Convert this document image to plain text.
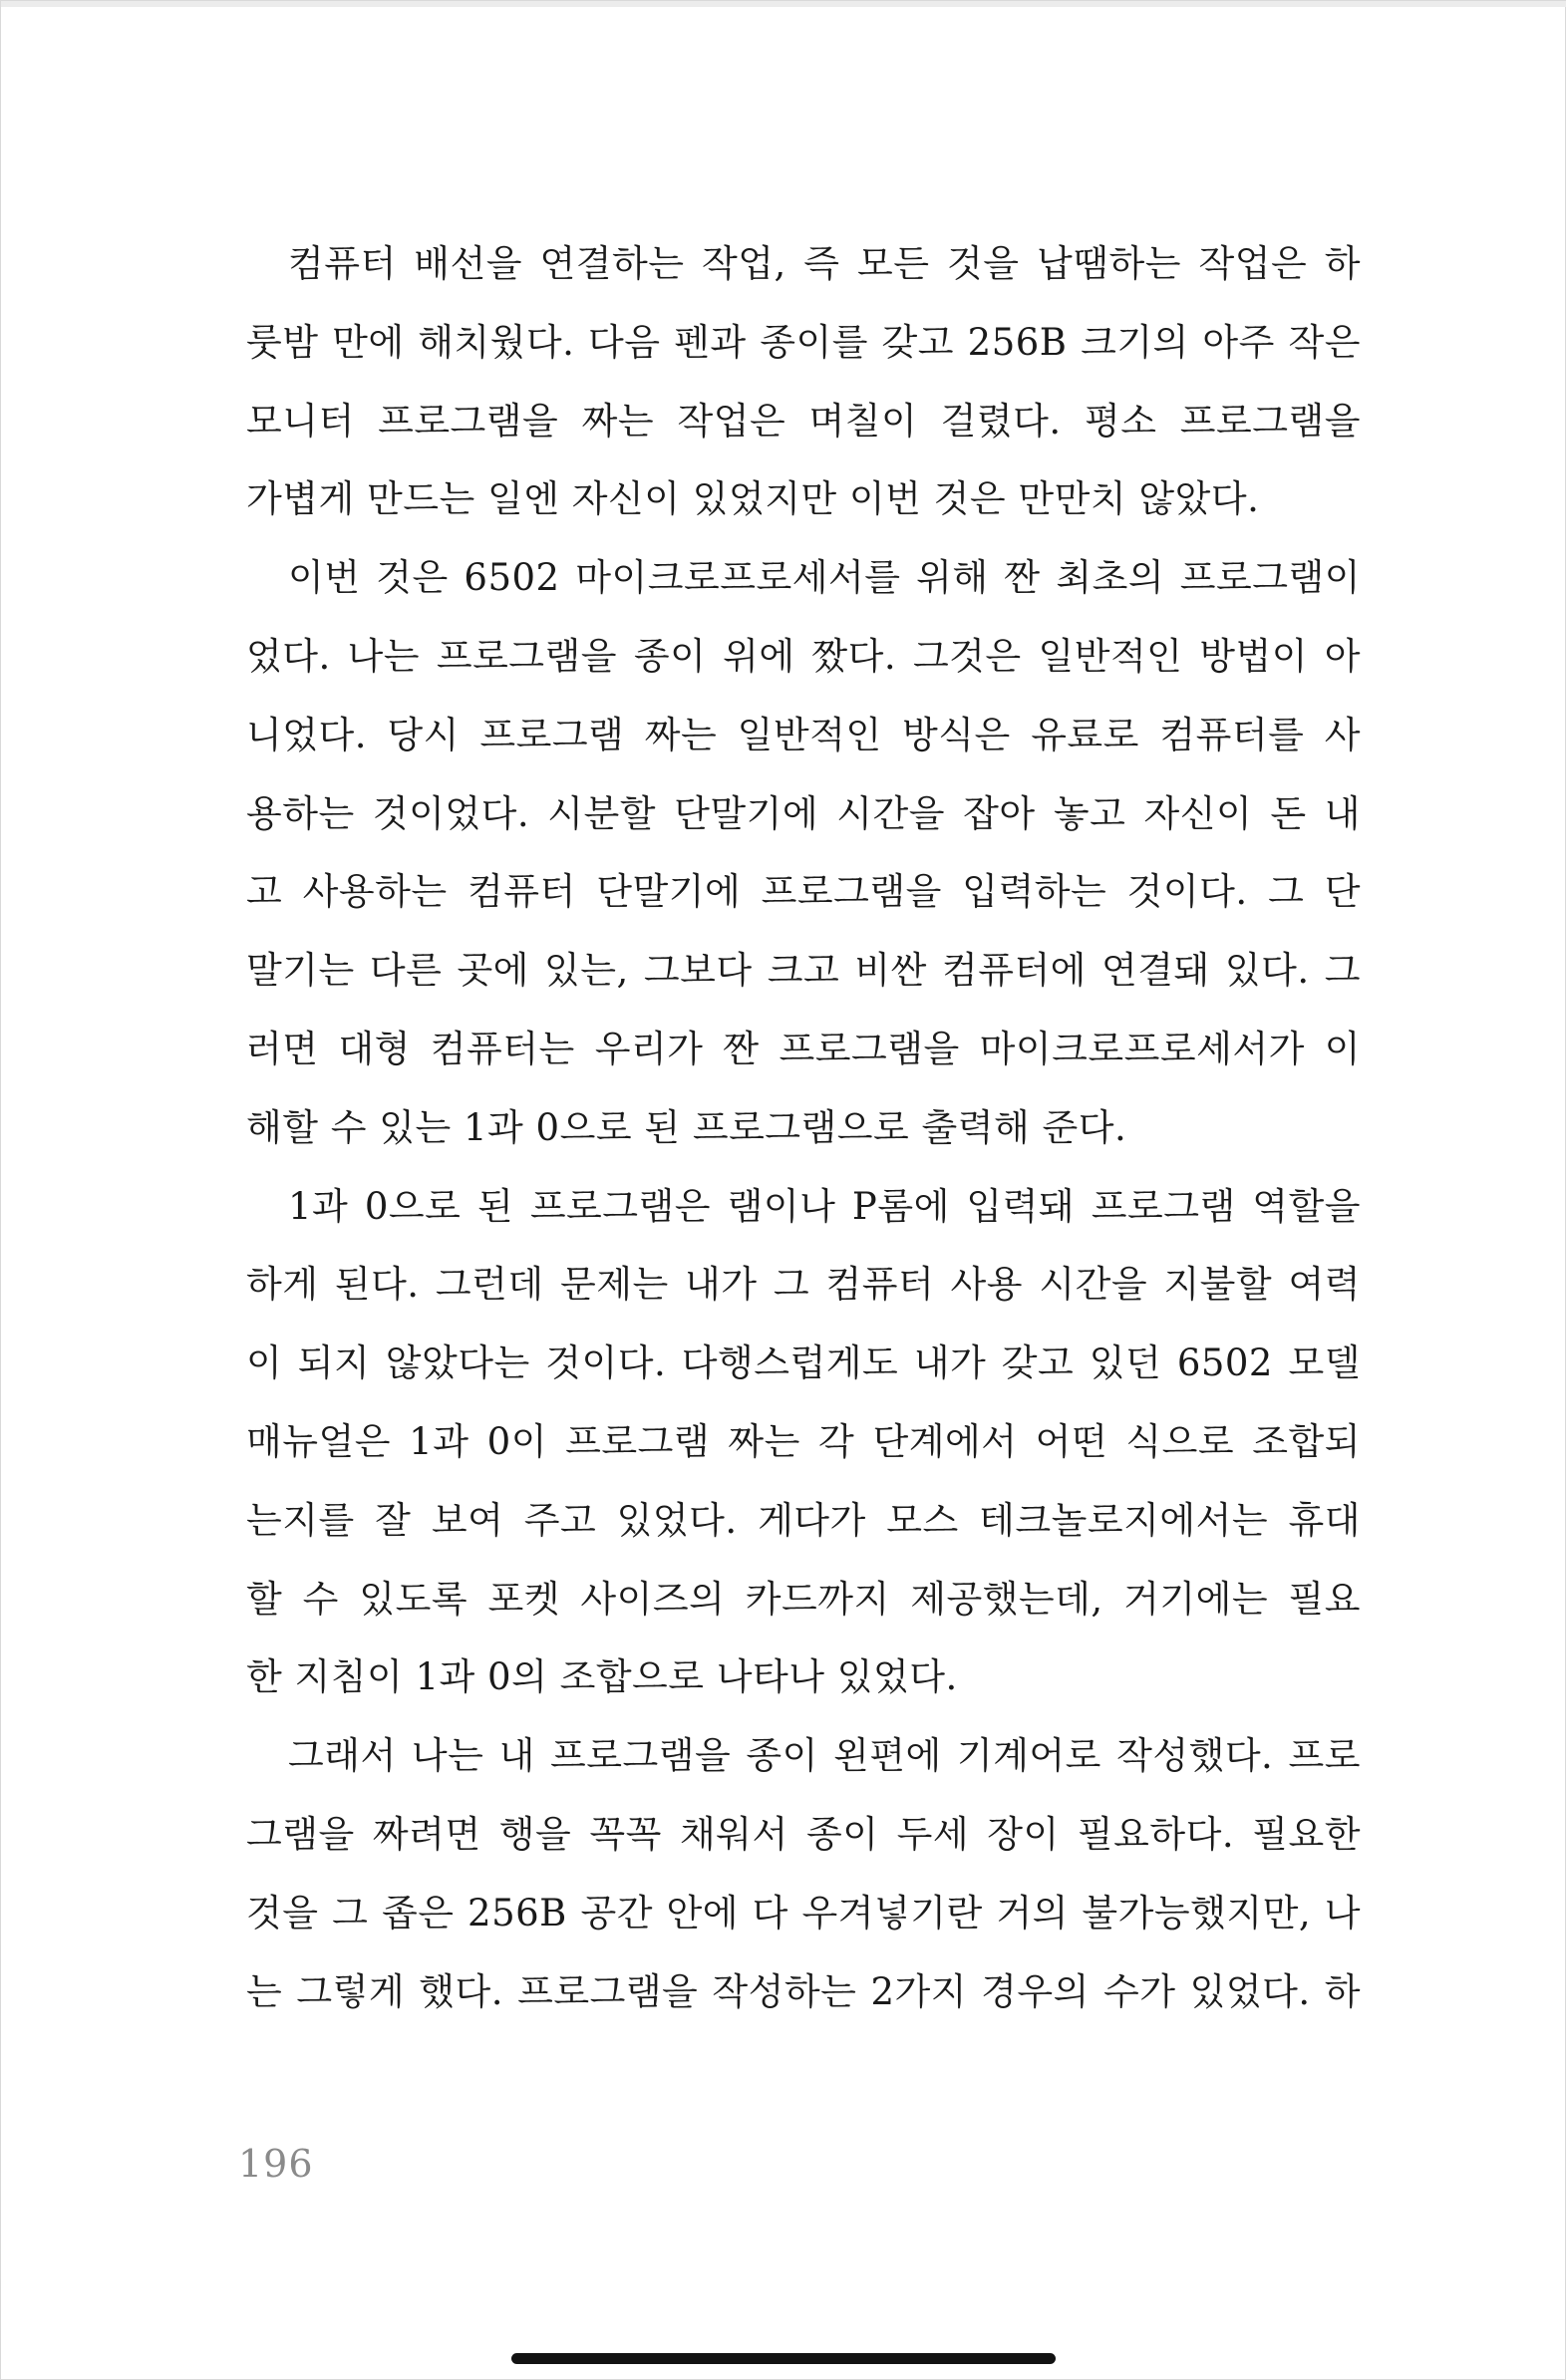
컴퓨터 배선을 연결하는 작업, 즉 모든 것을 납땜하는 작업은 하
룻밤 만에 해치웠다. 다음 펜과 종이를 갖고 256B 크기의 아주 작은
모니터 프로그램을 짜는 작업은 며칠이 걸렸다. 평소 프로그램을
가볍게 만드는 일엔 자신이 있었지만 이번 것은 만만치 않았다.
이번 것은 6502 마이크로프로세서를 위해 짠 최초의 프로그램이
었다. 나는 프로그램을 종이 위에 짰다. 그것은 일반적인 방법이 아
니었다. 당시 프로그램 짜는 일반적인 방식은 유료로 컴퓨터를 사
용하는 것이었다. 시분할 단말기에 시간을 잡아 놓고 자신이 돈 내
고 사용하는 컴퓨터 단말기에 프로그램을 입력하는 것이다. 그 단
말기는 다른 곳에 있는, 그보다 크고 비싼 컴퓨터에 연결돼 있다. 그
러면 대형 컴퓨터는 우리가 짠 프로그램을 마이크로프로세서가 이
해할 수 있는 1과 0으로 된 프로그램으로 출력해 준다.
1과 0으로 된 프로그램은 램이나 P롬에 입력돼 프로그램 역할을
하게 된다. 그런데 문제는 내가 그 컴퓨터 사용 시간을 지불할 여력
이 되지 않았다는 것이다. 다행스럽게도 내가 갖고 있던 6502 모델
매뉴얼은 1과 0이 프로그램 짜는 각 단계에서 어떤 식으로 조합되
는지를 잘 보여 주고 있었다. 게다가 모스 테크놀로지에서는 휴대
할 수 있도록 포켓 사이즈의 카드까지 제공했는데, 거기에는 필요
한 지침이 1과 0의 조합으로 나타나 있었다.
그래서 나는 내 프로그램을 종이 왼편에 기계어로 작성했다. 프로
그램을 짜려면 행을 꼭꼭 채워서 종이 두세 장이 필요하다. 필요한
것을 그 좁은 256B 공간 안에 다 우겨넣기란 거의 불가능했지만, 나
는 그렇게 했다. 프로그램을 작성하는 2가지 경우의 수가 있었다. 하
196
